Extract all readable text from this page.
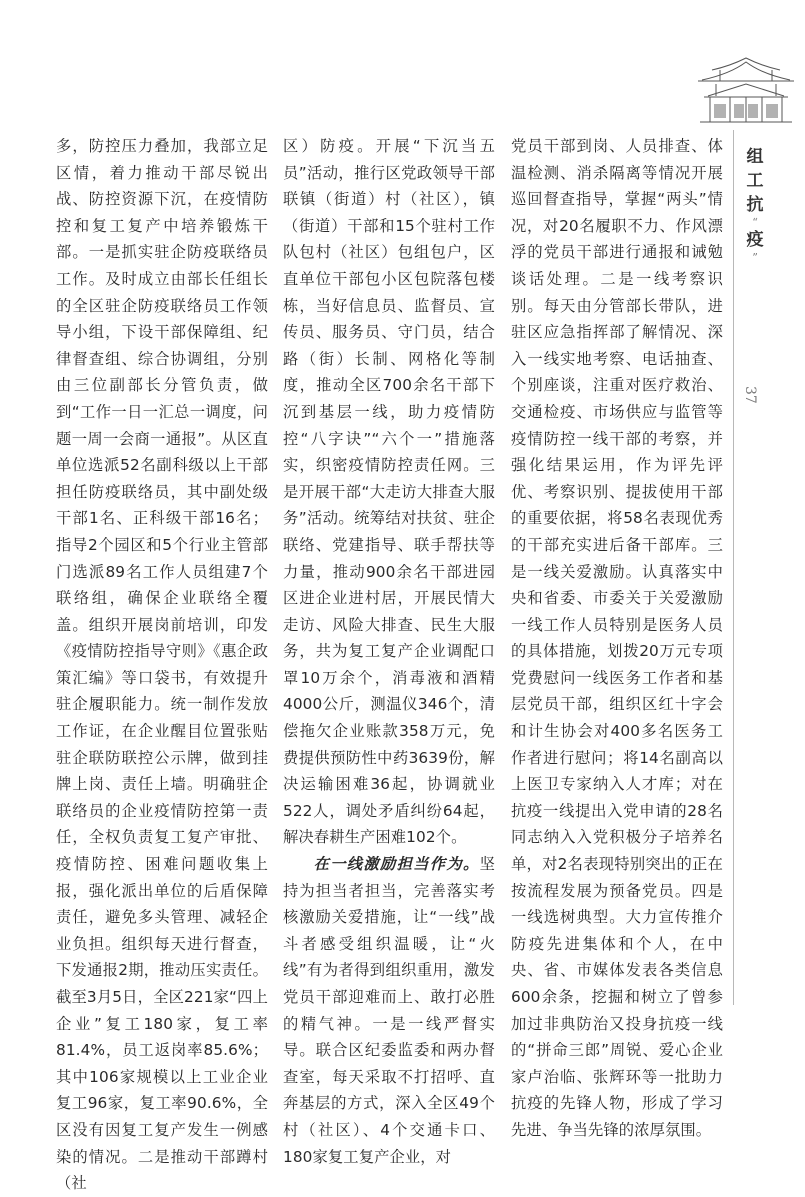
组
工
抗
“
疫
”
37

多，防控压力叠加，我部立足区情，着力推动干部尽锐出战、防控资源下沉，在疫情防控和复工复产中培养锻炼干部。一是抓实驻企防疫联络员工作。及时成立由部长任组长的全区驻企防疫联络员工作领导小组，下设干部保障组、纪律督查组、综合协调组，分别由三位副部长分管负责，做到“工作一日一汇总一调度，问题一周一会商一通报”。从区直单位选派52名副科级以上干部担任防疫联络员，其中副处级干部1名、正科级干部16名；指导2个园区和5个行业主管部门选派89名工作人员组建7个联络组，确保企业联络全覆盖。组织开展岗前培训，印发《疫情防控指导守则》《惠企政策汇编》等口袋书，有效提升驻企履职能力。统一制作发放工作证，在企业醒目位置张贴驻企联防联控公示牌，做到挂牌上岗、责任上墙。明确驻企联络员的企业疫情防控第一责任，全权负责复工复产审批、疫情防控、困难问题收集上报，强化派出单位的后盾保障责任，避免多头管理、减轻企业负担。组织每天进行督查，下发通报2期，推动压实责任。截至3月5日，全区221家“四上企业”复工180家，复工率81.4%，员工返岗率85.6%；其中106家规模以上工业企业复工96家，复工率90.6%，全区没有因复工复产发生一例感染的情况。二是推动干部蹲村（社

区）防疫。开展“下沉当五员”活动，推行区党政领导干部联镇（街道）村（社区），镇（街道）干部和15个驻村工作队包村（社区）包组包户，区直单位干部包小区包院落包楼栋，当好信息员、监督员、宣传员、服务员、守门员，结合路（街）长制、网格化等制度，推动全区700余名干部下沉到基层一线，助力疫情防控“八字诀”“六个一”措施落实，织密疫情防控责任网。三是开展干部“大走访大排查大服务”活动。统筹结对扶贫、驻企联络、党建指导、联手帮扶等力量，推动900余名干部进园区进企业进村居，开展民情大走访、风险大排查、民生大服务，共为复工复产企业调配口罩10万余个，消毒液和酒精4000公斤，测温仪346个，清偿拖欠企业账款358万元，免费提供预防性中药3639份，解决运输困难36起，协调就业522人，调处矛盾纠纷64起，解决春耕生产困难102个。

在一线激励担当作为。坚持为担当者担当，完善落实考核激励关爱措施，让“一线”战斗者感受组织温暖，让“火线”有为者得到组织重用，激发党员干部迎难而上、敢打必胜的精气神。一是一线严督实导。联合区纪委监委和两办督查室，每天采取不打招呼、直奔基层的方式，深入全区49个村（社区）、4个交通卡口、180家复工复产企业，对

党员干部到岗、人员排查、体温检测、消杀隔离等情况开展巡回督查指导，掌握“两头”情况，对20名履职不力、作风漂浮的党员干部进行通报和诫勉谈话处理。二是一线考察识别。每天由分管部长带队，进驻区应急指挥部了解情况、深入一线实地考察、电话抽查、个别座谈，注重对医疗救治、交通检疫、市场供应与监管等疫情防控一线干部的考察，并强化结果运用，作为评先评优、考察识别、提拔使用干部的重要依据，将58名表现优秀的干部充实进后备干部库。三是一线关爱激励。认真落实中央和省委、市委关于关爱激励一线工作人员特别是医务人员的具体措施，划拨20万元专项党费慰问一线医务工作者和基层党员干部，组织区红十字会和计生协会对400多名医务工作者进行慰问；将14名副高以上医卫专家纳入人才库；对在抗疫一线提出入党申请的28名同志纳入入党积极分子培养名单，对2名表现特别突出的正在按流程发展为预备党员。四是一线选树典型。大力宣传推介防疫先进集体和个人，在中央、省、市媒体发表各类信息600余条，挖掘和树立了曾参加过非典防治又投身抗疫一线的“拼命三郎”周锐、爱心企业家卢治临、张辉环等一批助力抗疫的先锋人物，形成了学习先进、争当先锋的浓厚氛围。
